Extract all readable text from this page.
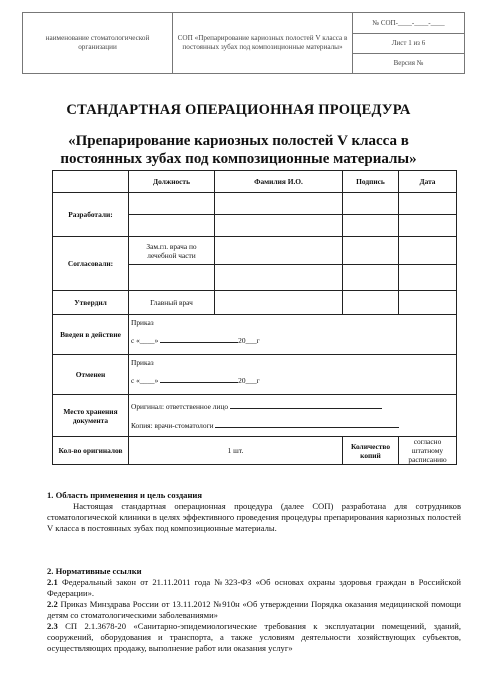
наименование стоматологической организации	СОП «Препарирование кариозных полостей V класса в постоянных зубах под композиционные материалы»	№ СОП-____-____-____
Лист 1 из 6
Версия №
СТАНДАРТНАЯ ОПЕРАЦИОННАЯ ПРОЦЕДУРА
«Препарирование кариозных полостей V класса в
постоянных зубах под композиционные материалы»
	Должность	Фамилия И.О.	Подпись	Дата
Разработали:				

Согласовали:	Зам.гл. врача по лечебной части			

Утвердил	Главный врач			
Введен в действие	Приказ
с «____» 20___г			

Отменен	Приказ
с «____» 20___г			

Место хранения документа	Оригинал: ответственное лицо
Копия: врачи-стоматологи			

Кол-во оригиналов	1 шт.		Количество копий	согласно штатному расписанию
1. Область применения и цель создания
Настоящая стандартная операционная процедура (далее СОП) разработана для сотрудников стоматологической клиники в целях эффективного проведения процедуры препарирования кариозных полостей V класса в постоянных зубах под композиционные материалы.
2. Нормативные ссылки
2.1 Федеральный закон от 21.11.2011 года №323-ФЗ «Об основах охраны здоровья граждан в Российской Федерации».
2.2 Приказ Минздрава России от 13.11.2012 №910н «Об утверждении Порядка оказания медицинской помощи детям со стоматологическими заболеваниями»
2.3 СП 2.1.3678-20 «Санитарно-эпидемиологические требования к эксплуатации помещений, зданий, сооружений, оборудования и транспорта, а также условиям деятельности хозяйствующих субъектов, осуществляющих продажу, выполнение работ или оказания услуг»
